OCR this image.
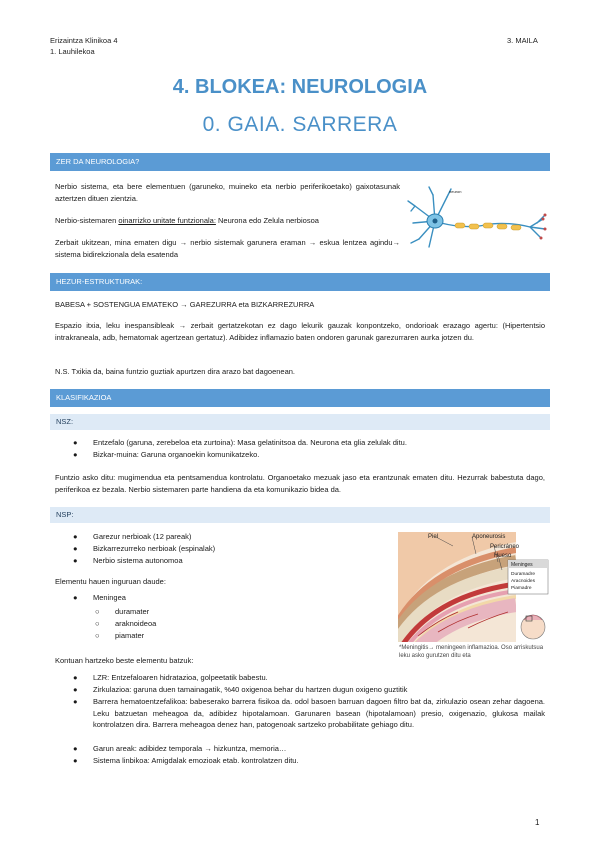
Erizaintza Klinikoa 4
1. Lauhilekoa
3. MAILA
4. BLOKEA: NEUROLOGIA
0. GAIA. SARRERA
ZER DA NEUROLOGIA?
Nerbio sistema, eta bere elementuen (garuneko, muineko eta nerbio periferikoetako) gaixotasunak aztertzen dituen zientzia.
Nerbio-sistemaren oinarrizko unitate funtzionala: Neurona edo Zelula nerbiosoa
Zerbait ukitzean, mina ematen digu → nerbio sistemak garunera eraman → eskua lentzea agindu→ sistema bidirekzionala dela esatenda
neuron
HEZUR-ESTRUKTURAK:
BABESA + SOSTENGUA EMATEKO → GAREZURRA eta BIZKARREZURRA
Espazio itxia, leku inespansibleak → zerbait gertatzekotan ez dago lekurik gauzak konpontzeko, ondorioak erazago agertu: (Hipertentsio intrakraneala, adb, hematomak agertzean gertatuz). Adibidez inflamazio baten ondoren garunak garezurraren aurka jotzen du.
N.S. Txikia da, baina funtzio guztiak apurtzen dira arazo bat dagoenean.
KLASIFIKAZIOA
NSZ:
● Entzefalo (garuna, zerebeloa eta zurtoina): Masa gelatinitsoa da. Neurona eta glia zelulak ditu.
● Bizkar-muina: Garuna organoekin komunikatzeko.
Funtzio asko ditu: mugimendua eta pentsamendua kontrolatu. Organoetako mezuak jaso eta erantzunak ematen ditu. Hezurrak babestuta dago, periferikoa ez bezala. Nerbio sistemaren parte handiena da eta komunikazio bidea da.
NSP:
● Garezur nerbioak (12 pareak)
● Bizkarrezurreko nerbioak (espinalak)
● Nerbio sistema autonomoa
Elementu hauen inguruan daude:
● Meningea
○ duramater
○ araknoideoa
○ piamater
Piel	Aponeurosis
Pericráneo
Hueso
Meninges
Duramadre
Aracnoides
Piamadre
*Meningitis→ meningeen inflamazioa. Oso arriskutsua leku asko gurutzen ditu eta
Kontuan hartzeko beste elementu batzuk:
● LZR: Entzefaloaren hidratazioa, golpeetatik babestu.
● Zirkulazioa: garuna duen tamainagatik, %40 oxigenoa behar du hartzen dugun oxigeno guztitik
● Barrera hematoentzefalikoa: babeserako barrera fisikoa da. odol basoen barruan dagoen filtro bat da, zirkulazio osean zehar dagoena. Leku batzuetan meheagoa da, adibidez hipotalamoan. Garunaren basean (hipotalamoan) presio, oxigenazio, glukosa mailak kontrolatzen dira. Barrera meheagoa denez han, patogenoak sartzeko probabilitate gehiago ditu.
● Garun areak: adibidez temporala → hizkuntza, memoria…
● Sistema linbikoa: Amigdalak emozioak etab. kontrolatzen ditu.
1
